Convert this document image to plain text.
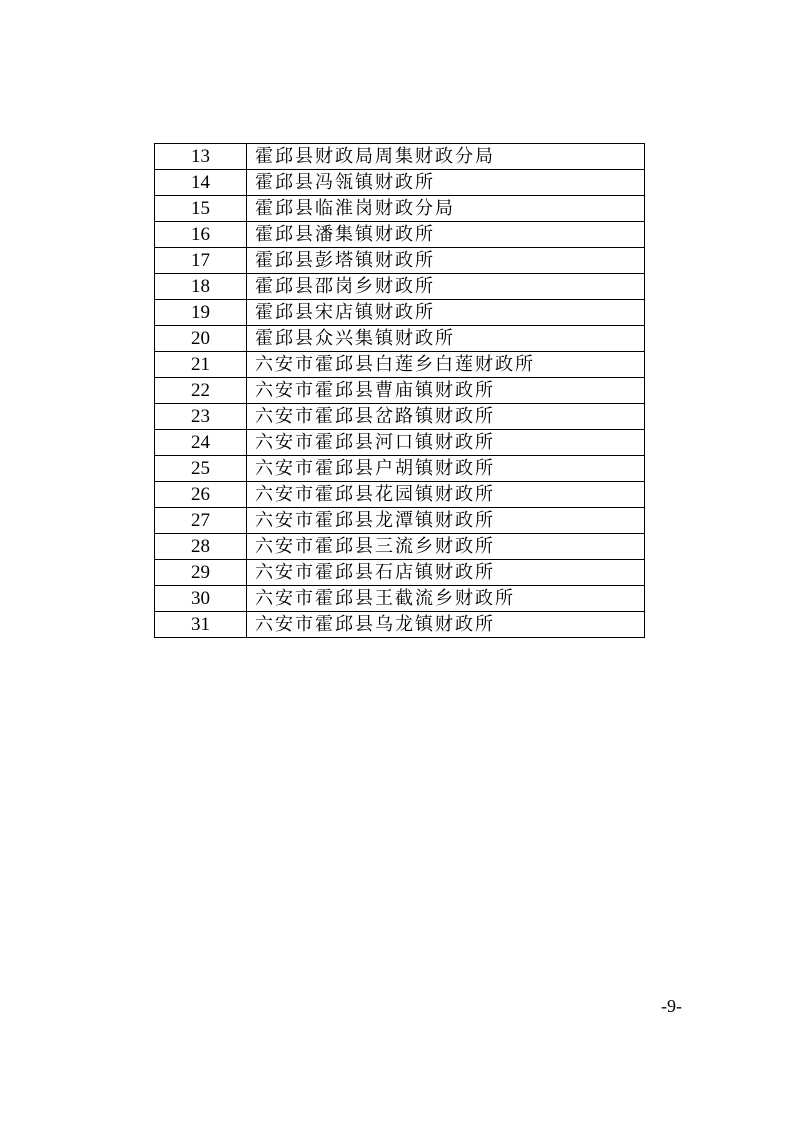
13	霍邱县财政局周集财政分局
14	霍邱县冯瓴镇财政所
15	霍邱县临淮岗财政分局
16	霍邱县潘集镇财政所
17	霍邱县彭塔镇财政所
18	霍邱县邵岗乡财政所
19	霍邱县宋店镇财政所
20	霍邱县众兴集镇财政所
21	六安市霍邱县白莲乡白莲财政所
22	六安市霍邱县曹庙镇财政所
23	六安市霍邱县岔路镇财政所
24	六安市霍邱县河口镇财政所
25	六安市霍邱县户胡镇财政所
26	六安市霍邱县花园镇财政所
27	六安市霍邱县龙潭镇财政所
28	六安市霍邱县三流乡财政所
29	六安市霍邱县石店镇财政所
30	六安市霍邱县王截流乡财政所
31	六安市霍邱县乌龙镇财政所
-9-
